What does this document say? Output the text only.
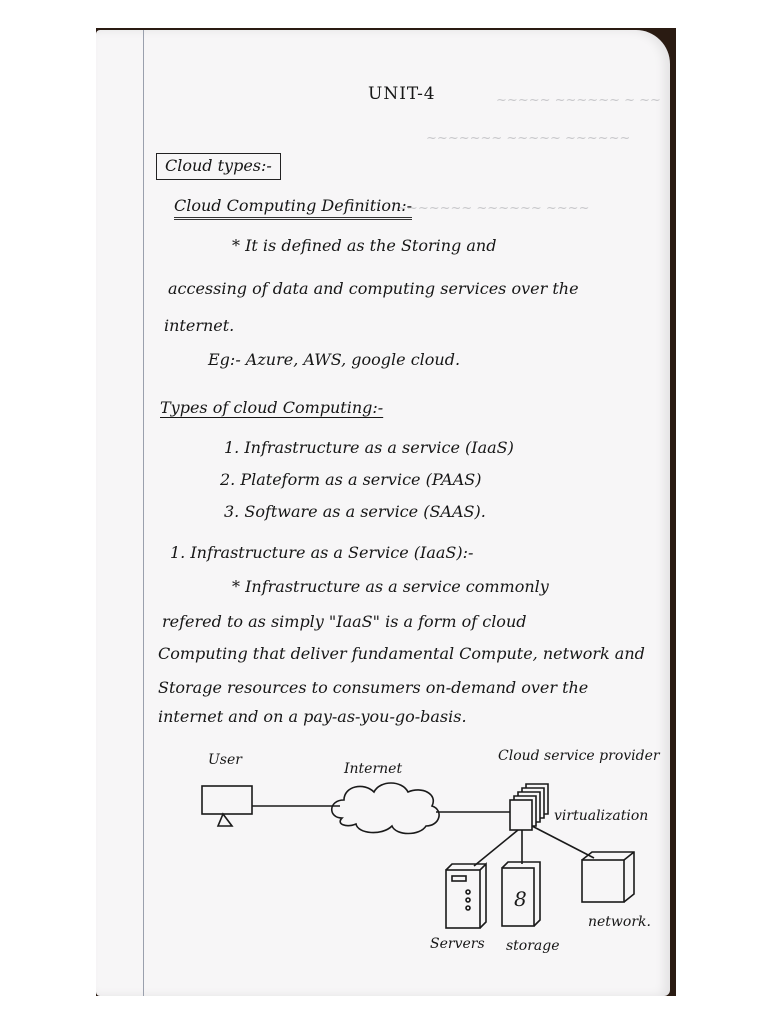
~~ ~ ~~~~~~ ~~~~~
~~~~~~ ~~~~~ ~~~~~~~
~~~~ ~~~~~~ ~~~~~~~
UNIT-4
Cloud types:-
Cloud Computing Definition:-
* It is defined as the Storing and
accessing of data and computing services over the
internet.
Eg:- Azure, AWS, google cloud.
Types of cloud Computing:-
1. Infrastructure as a service (IaaS)
2. Plateform as a service (PAAS)
3. Software as a service (SAAS).
1. Infrastructure as a Service (IaaS):-
* Infrastructure as a service commonly
refered to as simply "IaaS" is a form of cloud
Computing that deliver fundamental Compute, network and
Storage resources to consumers on-demand over the
internet and on a pay-as-you-go-basis.
8
User
Internet
Cloud service provider
virtualization
Servers storage
network.
